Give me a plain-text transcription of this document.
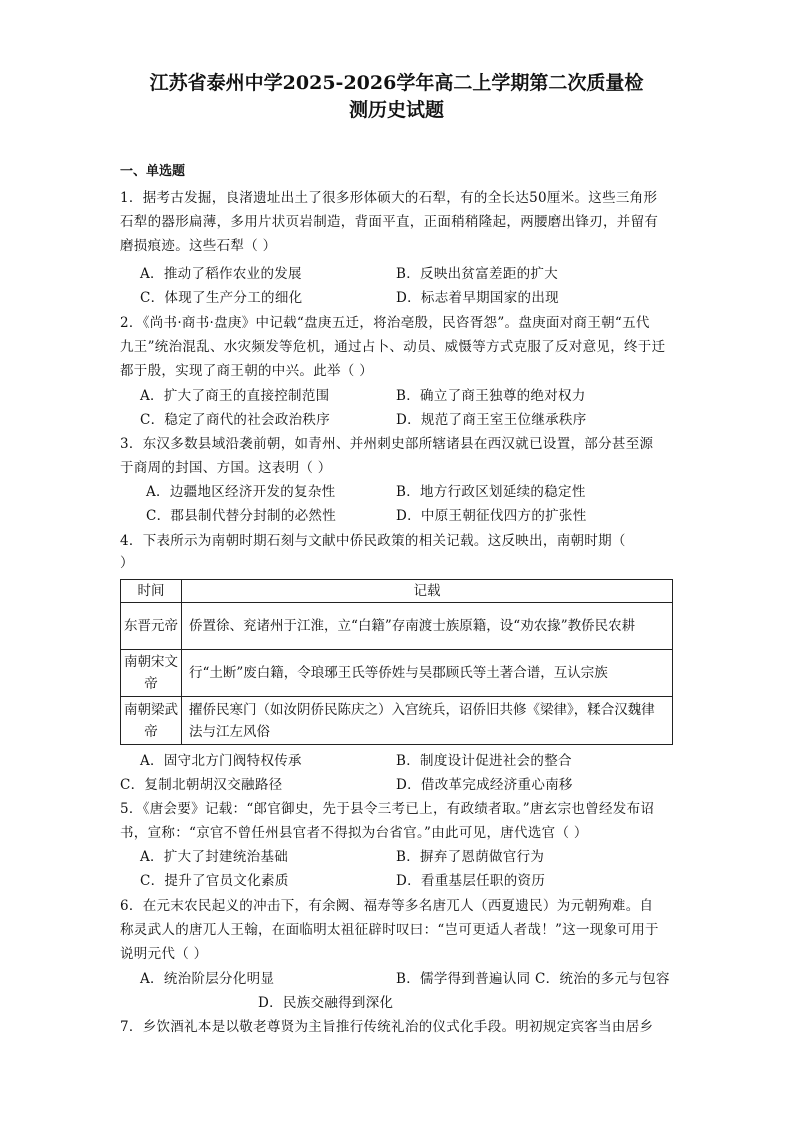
江苏省泰州中学2025-2026学年高二上学期第二次质量检
测历史试题
一、单选题
1．据考古发掘，良渚遗址出土了很多形体硕大的石犁，有的全长达50厘米。这些三角形
石犁的器形扁薄，多用片状页岩制造，背面平直，正面稍稍隆起，两腰磨出锋刃，并留有
磨损痕迹。这些石犁（ ）
A．推动了稻作农业的发展	B．反映出贫富差距的扩大
C．体现了生产分工的细化	D．标志着早期国家的出现
2．《尚书·商书·盘庚》中记载“盘庚五迁，将治亳殷，民咨胥怨”。盘庚面对商王朝“五代
九王”统治混乱、水灾频发等危机，通过占卜、动员、威慑等方式克服了反对意见，终于迁
都于殷，实现了商王朝的中兴。此举（ ）
A．扩大了商王的直接控制范围	B．确立了商王独尊的绝对权力
C．稳定了商代的社会政治秩序	D．规范了商王室王位继承秩序
3．东汉多数县域沿袭前朝，如青州、并州刺史部所辖诸县在西汉就已设置，部分甚至源
于商周的封国、方国。这表明（ ）
A．边疆地区经济开发的复杂性	B．地方行政区划延续的稳定性
C．郡县制代替分封制的必然性	D．中原王朝征伐四方的扩张性
4．下表所示为南朝时期石刻与文献中侨民政策的相关记载。这反映出，南朝时期（
）
时间	记载
东晋元帝	侨置徐、兖诸州于江淮，立“白籍”存南渡士族原籍，设“劝农掾”教侨民农耕
南朝宋文帝	行“土断”废白籍，令琅琊王氏等侨姓与吴郡顾氏等土著合谱，互认宗族
南朝梁武帝	擢侨民寒门（如汝阴侨民陈庆之）入宫统兵，诏侨旧共修《梁律》，糅合汉魏律法与江左风俗
A．固守北方门阀特权传承	B．制度设计促进社会的整合
C．复制北朝胡汉交融路径	D．借改革完成经济重心南移
5．《唐会要》记载：“郎官御史，先于县令三考已上，有政绩者取。”唐玄宗也曾经发布诏
书，宣称：“京官不曾任州县官者不得拟为台省官。”由此可见，唐代选官（ ）
A．扩大了封建统治基础	B．摒弃了恩荫做官行为
C．提升了官员文化素质	D．看重基层任职的资历
6．在元末农民起义的冲击下，有余阙、福寿等多名唐兀人（西夏遗民）为元朝殉难。自
称灵武人的唐兀人王翰，在面临明太祖征辟时叹曰：“岂可更适人者哉！”这一现象可用于
说明元代（ ）
A．统治阶层分化明显	B．儒学得到普遍认同 C．统治的多元与包容
D．民族交融得到深化
7．乡饮酒礼本是以敬老尊贤为主旨推行传统礼治的仪式化手段。明初规定宾客当由居乡
